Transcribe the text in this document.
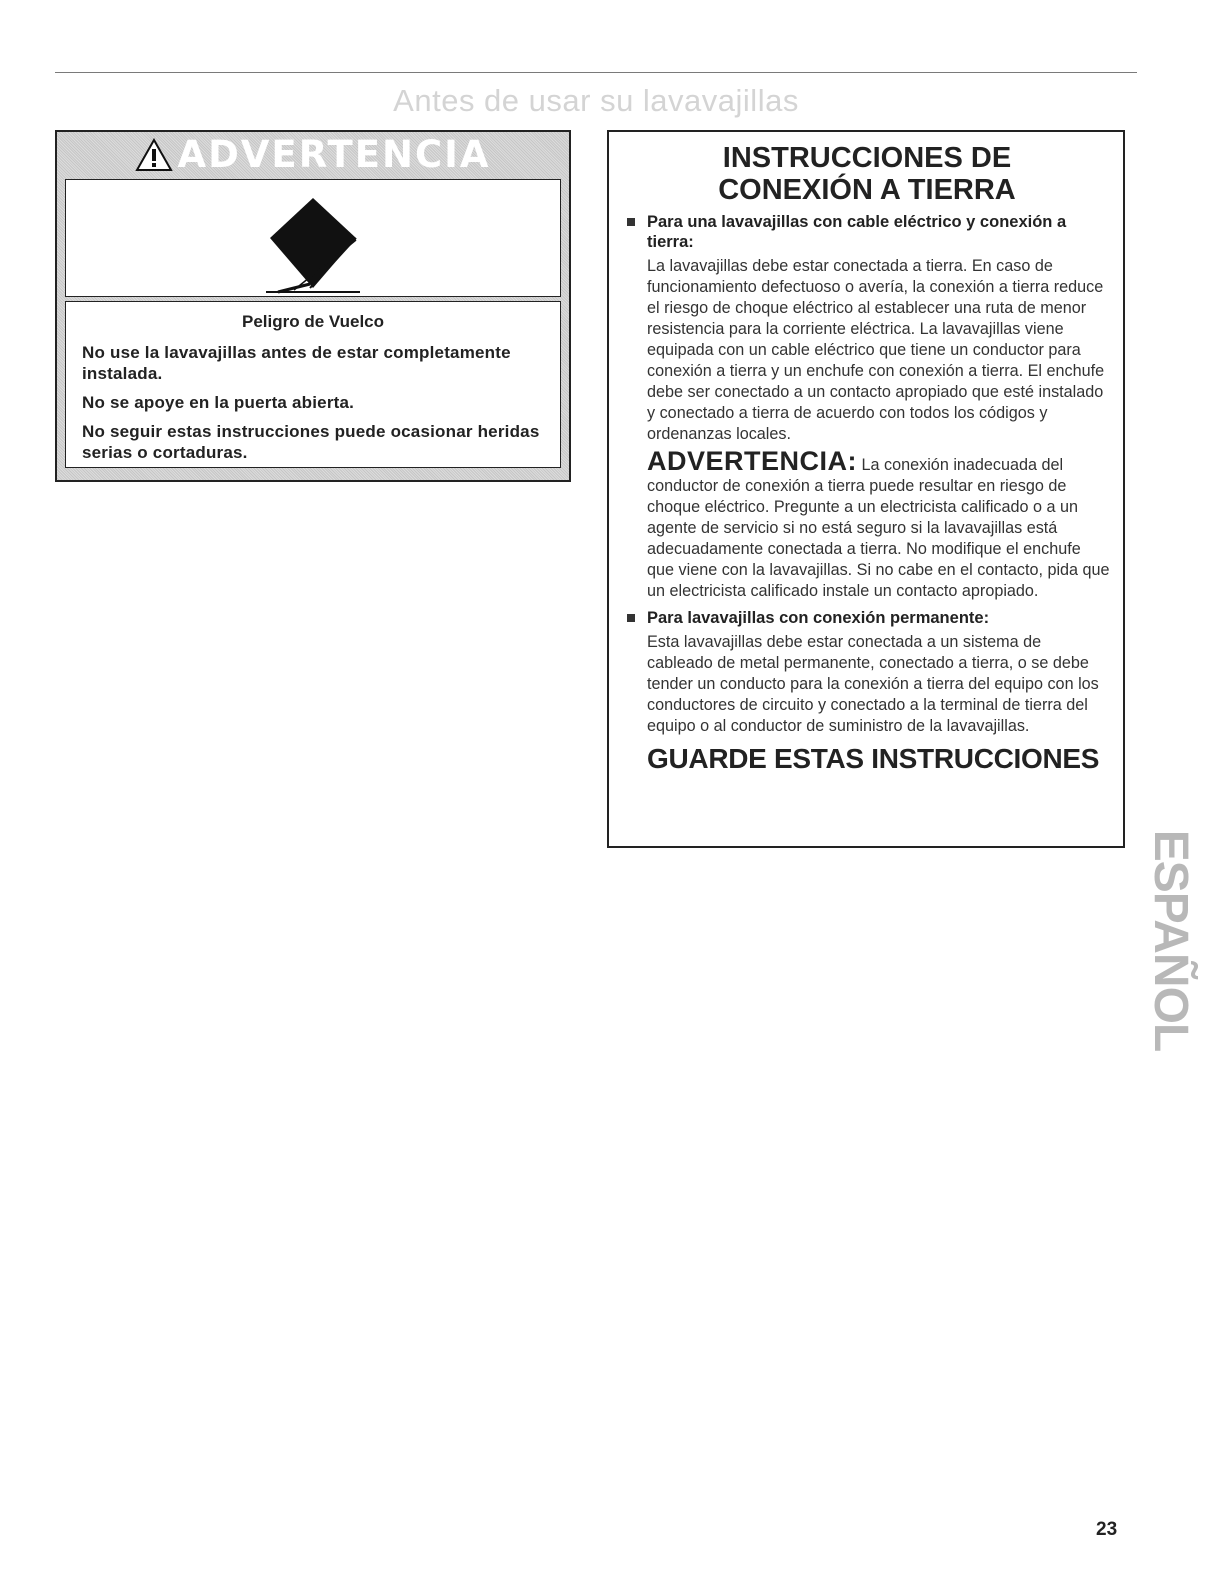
Antes de usar su lavavajillas
ADVERTENCIA
Peligro de Vuelco

No use la lavavajillas antes de estar completamente instalada.

No se apoye en la puerta abierta.

No seguir estas instrucciones puede ocasionar heridas serias o cortaduras.

INSTRUCCIONES DE
CONEXIÓN A TIERRA
Para una lavavajillas con cable eléctrico y conexión a tierra:

La lavavajillas debe estar conectada a tierra. En caso de funcionamiento defectuoso o avería, la conexión a tierra reduce el riesgo de choque eléctrico al establecer una ruta de menor resistencia para la corriente eléctrica. La lavavajillas viene equipada con un cable eléctrico que tiene un conductor para conexión a tierra y un enchufe con conexión a tierra. El enchufe debe ser conectado a un contacto apropiado que esté instalado y conectado a tierra de acuerdo con todos los códigos y ordenanzas locales.

ADVERTENCIA: La conexión inadecuada del conductor de conexión a tierra puede resultar en riesgo de choque eléctrico. Pregunte a un electricista calificado o a un agente de servicio si no está seguro si la lavavajillas está adecuadamente conectada a tierra. No modifique el enchufe que viene con la lavavajillas. Si no cabe en el contacto, pida que un electricista calificado instale un contacto apropiado.

Para lavavajillas con conexión permanente:

Esta lavavajillas debe estar conectada a un sistema de cableado de metal permanente, conectado a tierra, o se debe tender un conducto para la conexión a tierra del equipo con los conductores de circuito y conectado a la terminal de tierra del equipo o al conductor de suministro de la lavavajillas.

GUARDE ESTAS INSTRUCCIONES
ESPAÑOL
23
